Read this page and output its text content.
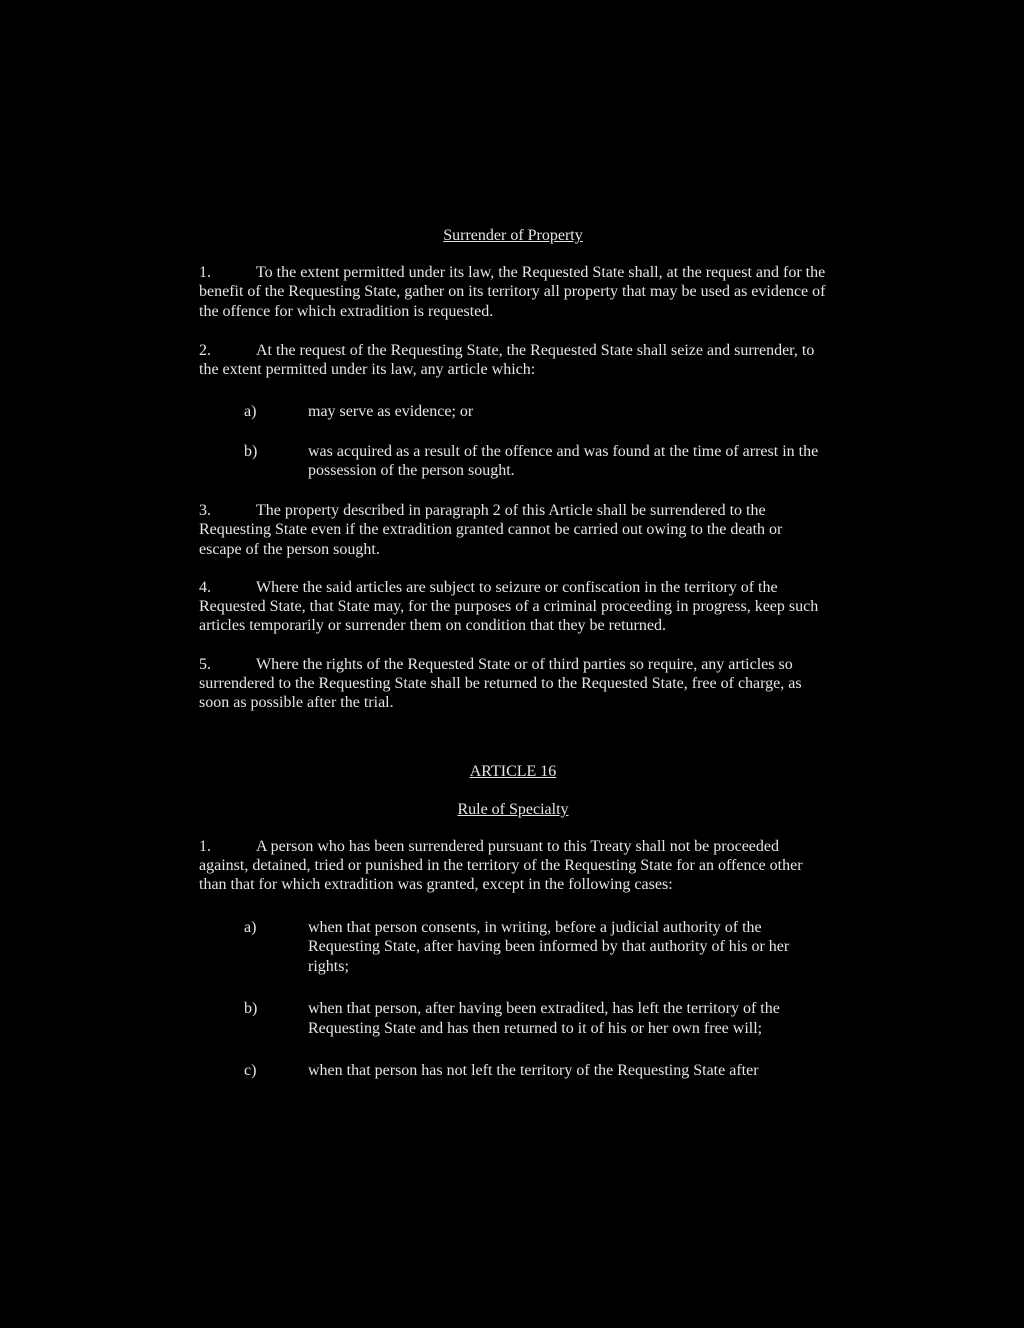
Surrender of Property

1.	To the extent permitted under its law, the Requested State shall, at the request and for the benefit of the Requesting State, gather on its territory all property that may be used as evidence of the offence for which extradition is requested.

2.	At the request of the Requesting State, the Requested State shall seize and surrender, to the extent permitted under its law, any article which:

a)	may serve as evidence; or
b)	was acquired as a result of the offence and was found at the time of arrest in the possession of the person sought.

3.	The property described in paragraph 2 of this Article shall be surrendered to the Requesting State even if the extradition granted cannot be carried out owing to the death or escape of the person sought.

4.	Where the said articles are subject to seizure or confiscation in the territory of the Requested State, that State may, for the purposes of a criminal proceeding in progress, keep such articles temporarily or surrender them on condition that they be returned.

5.	Where the rights of the Requested State or of third parties so require, any articles so surrendered to the Requesting State shall be returned to the Requested State, free of charge, as soon as possible after the trial.

ARTICLE 16

Rule of Specialty

1.	A person who has been surrendered pursuant to this Treaty shall not be proceeded against, detained, tried or punished in the territory of the Requesting State for an offence other than that for which extradition was granted, except in the following cases:

a)	when that person consents, in writing, before a judicial authority of the Requesting State, after having been informed by that authority of his or her rights;
b)	when that person, after having been extradited, has left the territory of the Requesting State and has then returned to it of his or her own free will;
c)	when that person has not left the territory of the Requesting State after
